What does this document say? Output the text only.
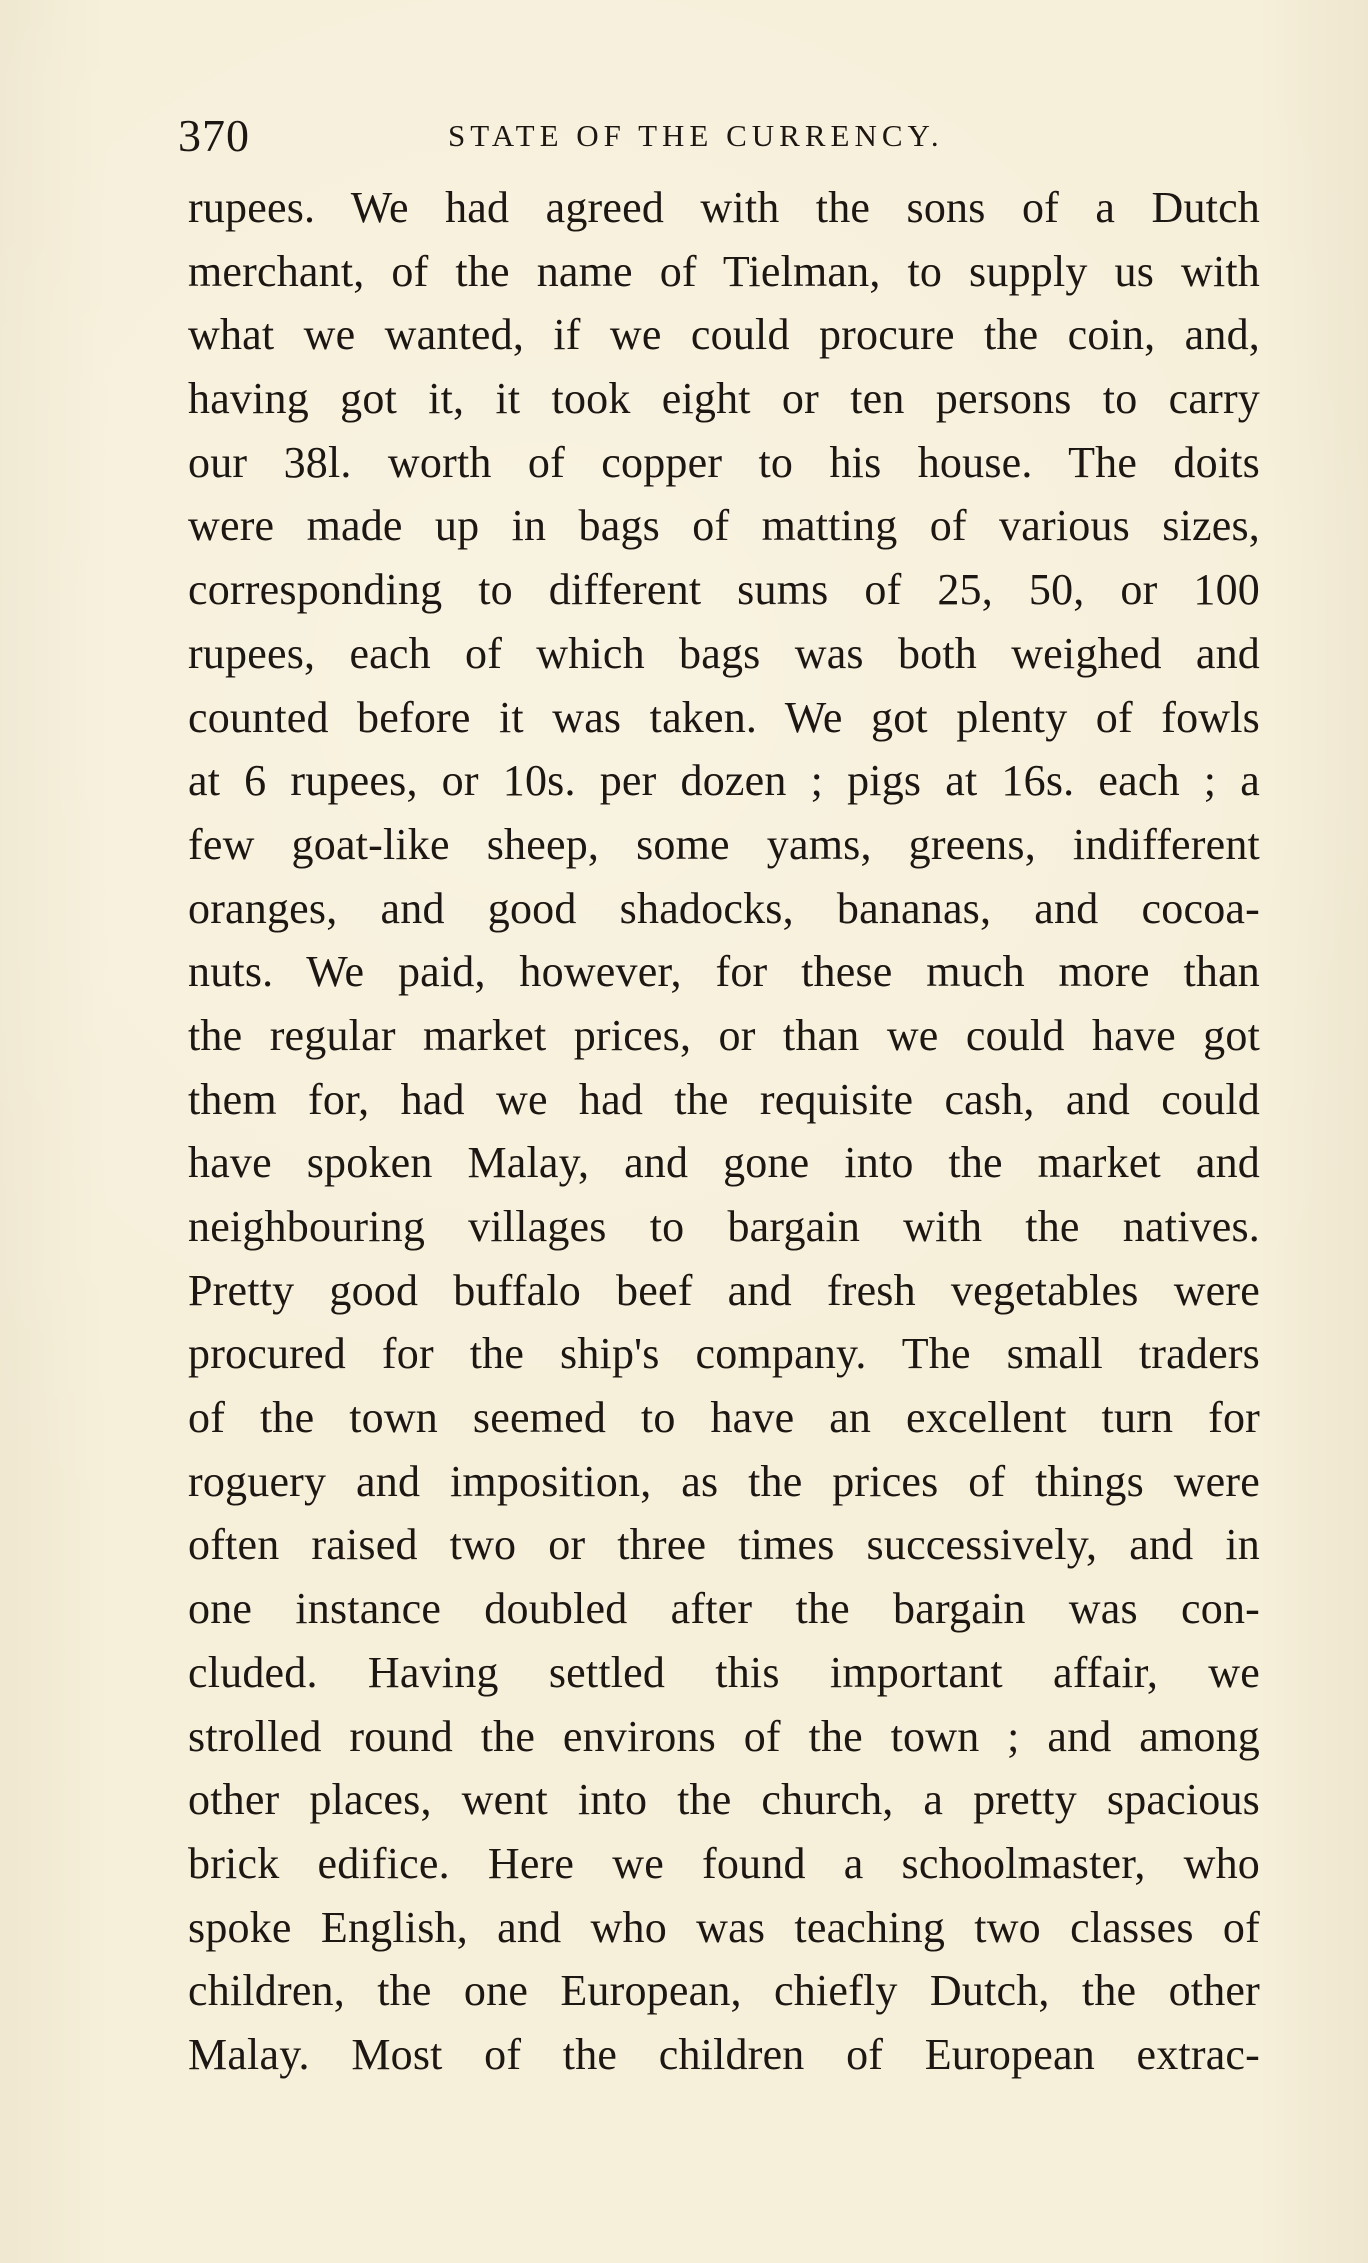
370	STATE OF THE CURRENCY.
rupees. We had agreed with the sons of a Dutch
merchant, of the name of Tielman, to supply us with
what we wanted, if we could procure the coin, and,
having got it, it took eight or ten persons to carry
our 38l. worth of copper to his house. The doits
were made up in bags of matting of various sizes,
corresponding to different sums of 25, 50, or 100
rupees, each of which bags was both weighed and
counted before it was taken. We got plenty of fowls
at 6 rupees, or 10s. per dozen ; pigs at 16s. each ; a
few goat-like sheep, some yams, greens, indifferent
oranges, and good shadocks, bananas, and cocoa-
nuts. We paid, however, for these much more than
the regular market prices, or than we could have got
them for, had we had the requisite cash, and could
have spoken Malay, and gone into the market and
neighbouring villages to bargain with the natives.
Pretty good buffalo beef and fresh vegetables were
procured for the ship's company. The small traders
of the town seemed to have an excellent turn for
roguery and imposition, as the prices of things were
often raised two or three times successively, and in
one instance doubled after the bargain was con-
cluded. Having settled this important affair, we
strolled round the environs of the town ; and among
other places, went into the church, a pretty spacious
brick edifice. Here we found a schoolmaster, who
spoke English, and who was teaching two classes of
children, the one European, chiefly Dutch, the other
Malay. Most of the children of European extrac-
